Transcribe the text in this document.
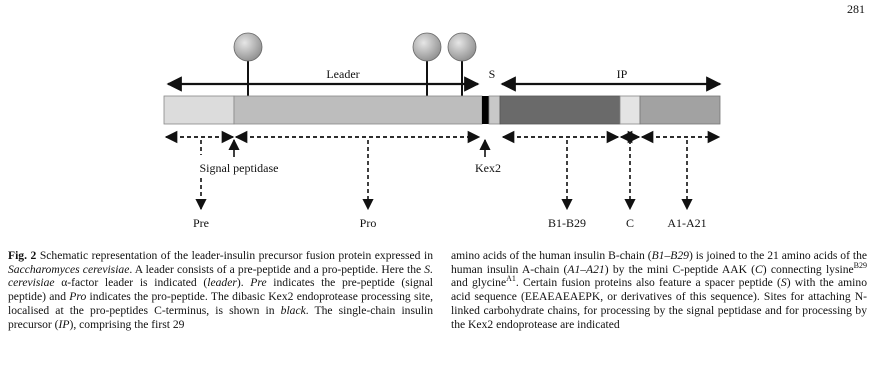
281
Leader	S	IP
Signal peptidase	Kex2
Pre	Pro	B1-B29	C	A1-A21
Fig. 2 Schematic representation of the leader-insulin precursor fusion protein expressed in Saccharomyces cerevisiae. A leader consists of a pre-peptide and a pro-peptide. Here the S. cerevisiae α-factor leader is indicated (leader). Pre indicates the pre-peptide (signal peptide) and Pro indicates the pro-peptide. The dibasic Kex2 endoprotease processing site, localised at the pro-peptides C-terminus, is shown in black. The single-chain insulin precursor (IP), comprising the first 29
amino acids of the human insulin B-chain (B1–B29) is joined to the 21 amino acids of the human insulin A-chain (A1–A21) by the mini C-peptide AAK (C) connecting lysine$^{B29}$ and glycine$^{A1}$. Certain fusion proteins also feature a spacer peptide (S) with the amino acid sequence (EEAEAEAEPK, or derivatives of this sequence). Sites for attaching N-linked carbohydrate chains, for processing by the signal peptidase and for processing by the Kex2 endoprotease are indicated
